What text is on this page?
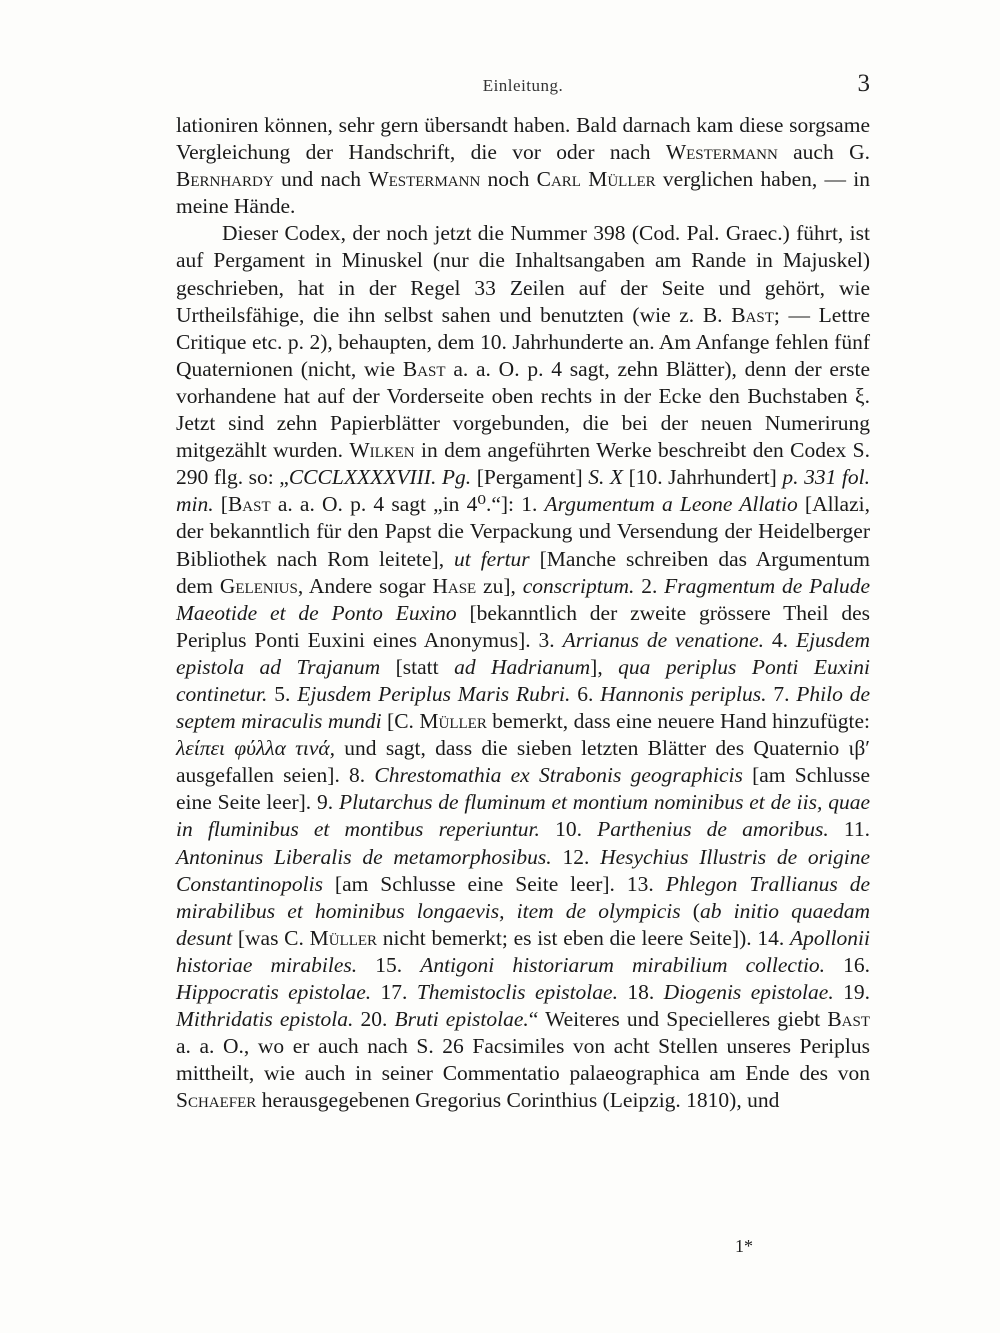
Einleitung.	3

lationiren können, sehr gern übersandt haben. Bald darnach kam diese sorgsame Vergleichung der Handschrift, die vor oder nach Westermann auch G. Bernhardy und nach Westermann noch Carl Müller verglichen haben, — in meine Hände.

Dieser Codex, der noch jetzt die Nummer 398 (Cod. Pal. Graec.) führt, ist auf Pergament in Minuskel (nur die Inhaltsangaben am Rande in Majuskel) geschrieben, hat in der Regel 33 Zeilen auf der Seite und gehört, wie Urtheilsfähige, die ihn selbst sahen und benutzten (wie z. B. Bast; — Lettre Critique etc. p. 2), behaupten, dem 10. Jahrhunderte an. Am Anfange fehlen fünf Quaternionen (nicht, wie Bast a. a. O. p. 4 sagt, zehn Blätter), denn der erste vorhandene hat auf der Vorderseite oben rechts in der Ecke den Buchstaben ξ. Jetzt sind zehn Papierblätter vorgebunden, die bei der neuen Numerirung mitgezählt wurden. Wilken in dem angeführten Werke beschreibt den Codex S. 290 flg. so: „CCCLXXXXVIII. Pg. [Pergament] S. X [10. Jahrhundert] p. 331 fol. min. [Bast a. a. O. p. 4 sagt „in 4⁰.“]: 1. Argumentum a Leone Allatio [Allazi, der bekanntlich für den Papst die Verpackung und Versendung der Heidelberger Bibliothek nach Rom leitete], ut fertur [Manche schreiben das Argumentum dem Gelenius, Andere sogar Hase zu], conscriptum. 2. Fragmentum de Palude Maeotide et de Ponto Euxino [bekanntlich der zweite grössere Theil des Periplus Ponti Euxini eines Anonymus]. 3. Arrianus de venatione. 4. Ejusdem epistola ad Trajanum [statt ad Hadrianum], qua periplus Ponti Euxini continetur. 5. Ejusdem Periplus Maris Rubri. 6. Hannonis periplus. 7. Philo de septem miraculis mundi [C. Müller bemerkt, dass eine neuere Hand hinzufügte: λείπει φύλλα τινά, und sagt, dass die sieben letzten Blätter des Quaternio ιβ′ ausgefallen seien]. 8. Chrestomathia ex Strabonis geographicis [am Schlusse eine Seite leer]. 9. Plutarchus de fluminum et montium nominibus et de iis, quae in fluminibus et montibus reperiuntur. 10. Parthenius de amoribus. 11. Antoninus Liberalis de metamorphosibus. 12. Hesychius Illustris de origine Constantinopolis [am Schlusse eine Seite leer]. 13. Phlegon Trallianus de mirabilibus et hominibus longaevis, item de olympicis (ab initio quaedam desunt [was C. Müller nicht bemerkt; es ist eben die leere Seite]). 14. Apollonii historiae mirabiles. 15. Antigoni historiarum mirabilium collectio. 16. Hippocratis epistolae. 17. Themistoclis epistolae. 18. Diogenis epistolae. 19. Mithridatis epistola. 20. Bruti epistolae.“ Weiteres und Specielleres giebt Bast a. a. O., wo er auch nach S. 26 Facsimiles von acht Stellen unseres Periplus mittheilt, wie auch in seiner Commentatio palaeographica am Ende des von Schaefer herausgegebenen Gregorius Corinthius (Leipzig. 1810), und

1*
